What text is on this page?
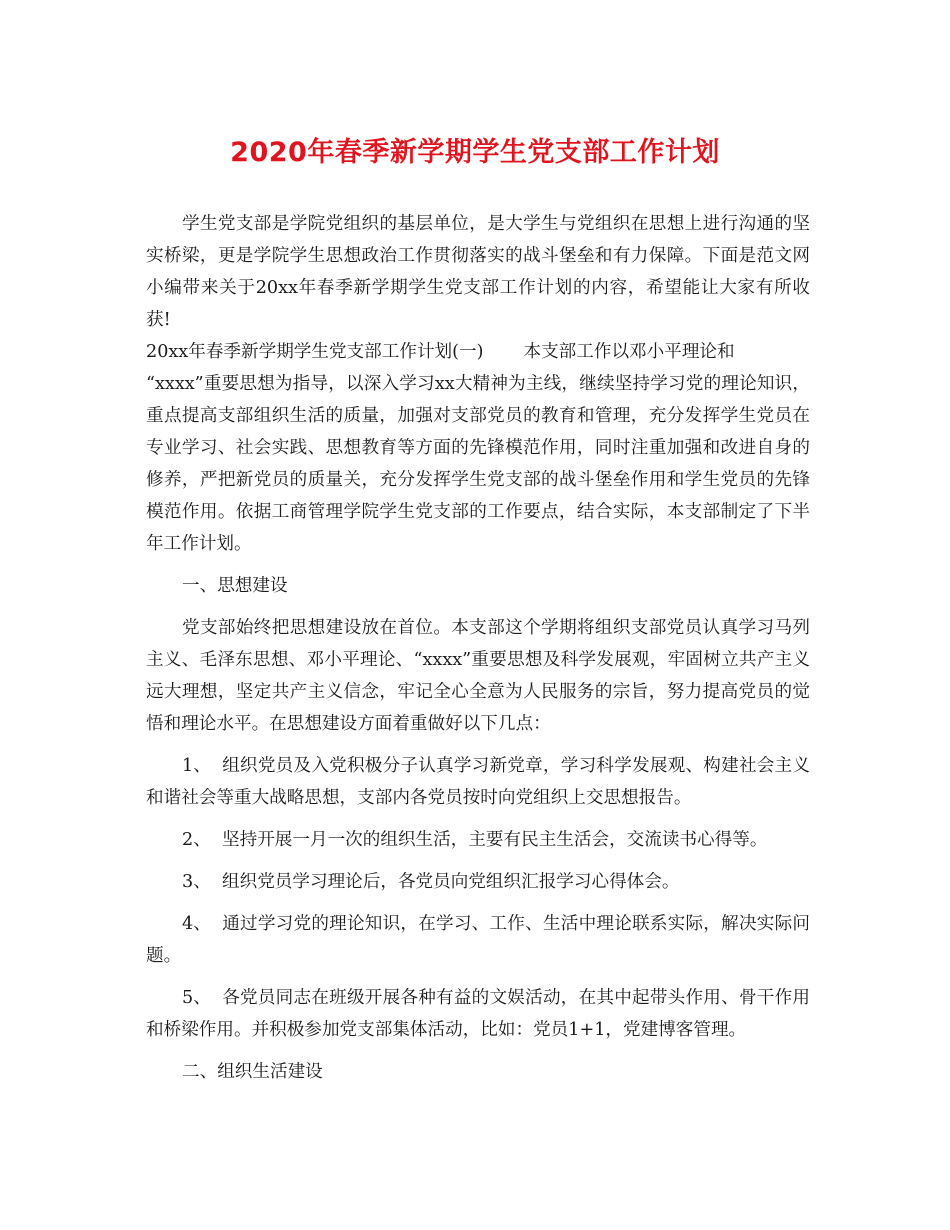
2020年春季新学期学生党支部工作计划

学生党支部是学院党组织的基层单位，是大学生与党组织在思想上进行沟通的坚实桥梁，更是学院学生思想政治工作贯彻落实的战斗堡垒和有力保障。下面是范文网小编带来关于20xx年春季新学期学生党支部工作计划的内容，希望能让大家有所收获!

20xx年春季新学期学生党支部工作计划(一) 本支部工作以邓小平理论和

“xxxx”重要思想为指导，以深入学习xx大精神为主线，继续坚持学习党的理论知识，重点提高支部组织生活的质量，加强对支部党员的教育和管理，充分发挥学生党员在专业学习、社会实践、思想教育等方面的先锋模范作用，同时注重加强和改进自身的修养，严把新党员的质量关，充分发挥学生党支部的战斗堡垒作用和学生党员的先锋模范作用。依据工商管理学院学生党支部的工作要点，结合实际，本支部制定了下半年工作计划。

一、思想建设

党支部始终把思想建设放在首位。本支部这个学期将组织支部党员认真学习马列主义、毛泽东思想、邓小平理论、“xxxx”重要思想及科学发展观，牢固树立共产主义远大理想，坚定共产主义信念，牢记全心全意为人民服务的宗旨，努力提高党员的觉悟和理论水平。在思想建设方面着重做好以下几点：

1、 组织党员及入党积极分子认真学习新党章，学习科学发展观、构建社会主义和谐社会等重大战略思想，支部内各党员按时向党组织上交思想报告。

2、 坚持开展一月一次的组织生活，主要有民主生活会，交流读书心得等。

3、 组织党员学习理论后，各党员向党组织汇报学习心得体会。

4、 通过学习党的理论知识，在学习、工作、生活中理论联系实际，解决实际问题。

5、 各党员同志在班级开展各种有益的文娱活动，在其中起带头作用、骨干作用和桥梁作用。并积极参加党支部集体活动，比如：党员1+1，党建博客管理。

二、组织生活建设
